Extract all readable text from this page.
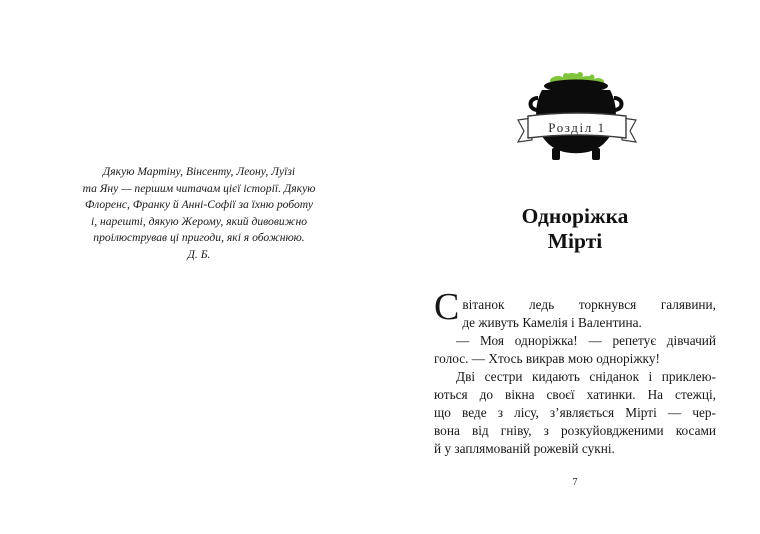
Дякую Мартіну, Вінсенту, Леону, Луїзі
та Яну — першим читачам цієї історії. Дякую
Флоренс, Франку й Анні-Софії за їхню роботу
і, нарешті, дякую Жерому, який дивовижно
проілюстрував ці пригоди, які я обожнюю.
Д. Б.
Розділ 1
Одноріжка
Мірті
С вітанок ледь торкнувся галявини,
де живуть Камелія і Валентина.
— Моя одноріжка! — репетує дівчачий
голос. — Хтось викрав мою одноріжку!
Дві сестри кидають сніданок і приклею-
ються до вікна своєї хатинки. На стежці,
що веде з лісу, з’являється Мірті — чер-
вона від гніву, з розкуйовдженими косами
й у заплямованій рожевій сукні.
7
